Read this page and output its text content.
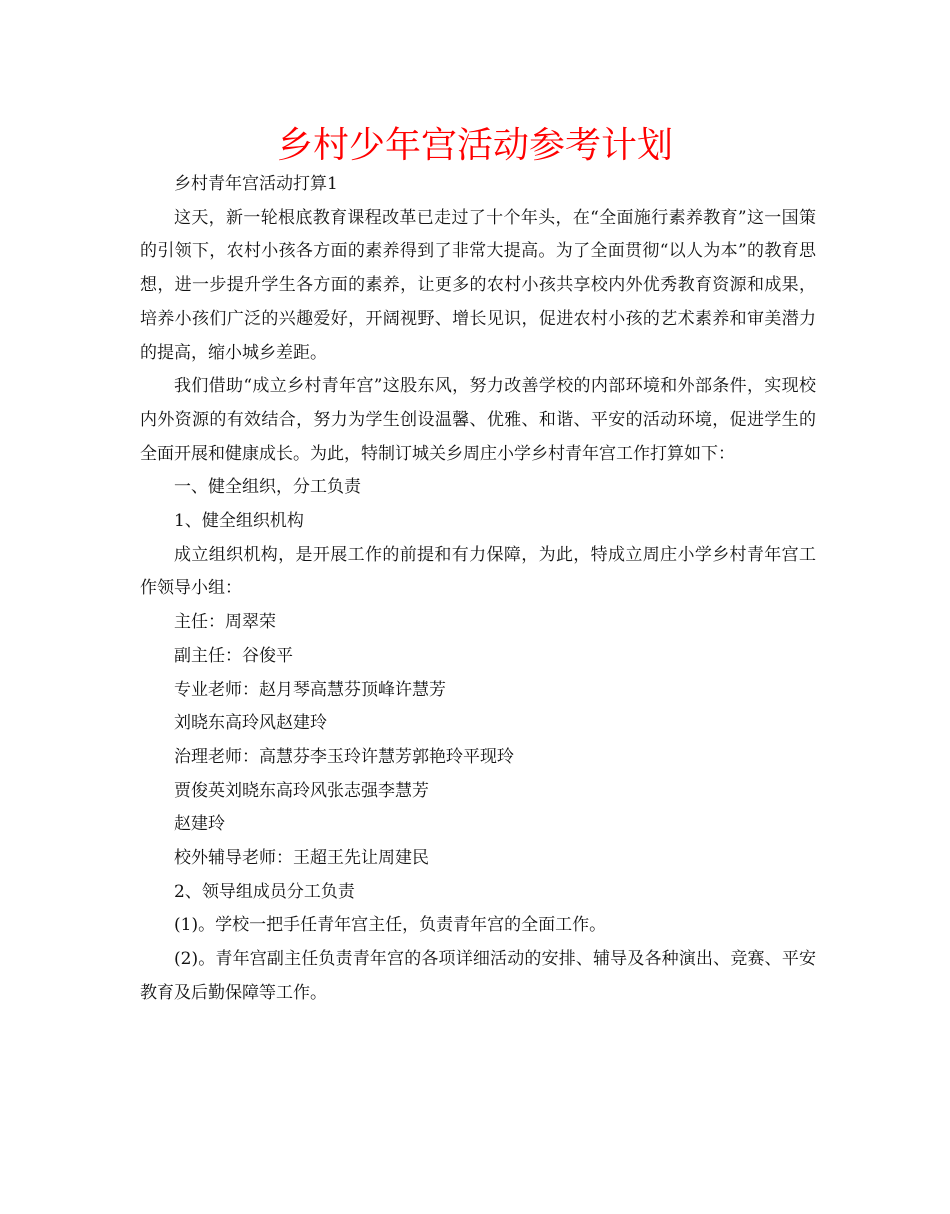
乡村少年宫活动参考计划

乡村青年宫活动打算1

这天，新一轮根底教育课程改革已走过了十个年头，在“全面施行素养教育”这一国策的引领下，农村小孩各方面的素养得到了非常大提高。为了全面贯彻“以人为本”的教育思想，进一步提升学生各方面的素养，让更多的农村小孩共享校内外优秀教育资源和成果，培养小孩们广泛的兴趣爱好，开阔视野、增长见识，促进农村小孩的艺术素养和审美潜力的提高，缩小城乡差距。

我们借助“成立乡村青年宫”这股东风，努力改善学校的内部环境和外部条件，实现校内外资源的有效结合，努力为学生创设温馨、优雅、和谐、平安的活动环境，促进学生的全面开展和健康成长。为此，特制订城关乡周庄小学乡村青年宫工作打算如下：

一、健全组织，分工负责

1、健全组织机构

成立组织机构，是开展工作的前提和有力保障，为此，特成立周庄小学乡村青年宫工作领导小组：

主任：周翠荣

副主任：谷俊平

专业老师：赵月琴高慧芬顶峰许慧芳

刘晓东高玲风赵建玲

治理老师：高慧芬李玉玲许慧芳郭艳玲平现玲

贾俊英刘晓东高玲风张志强李慧芳

赵建玲

校外辅导老师：王超王先让周建民

2、领导组成员分工负责

(1)。学校一把手任青年宫主任，负责青年宫的全面工作。

(2)。青年宫副主任负责青年宫的各项详细活动的安排、辅导及各种演出、竞赛、平安教育及后勤保障等工作。
